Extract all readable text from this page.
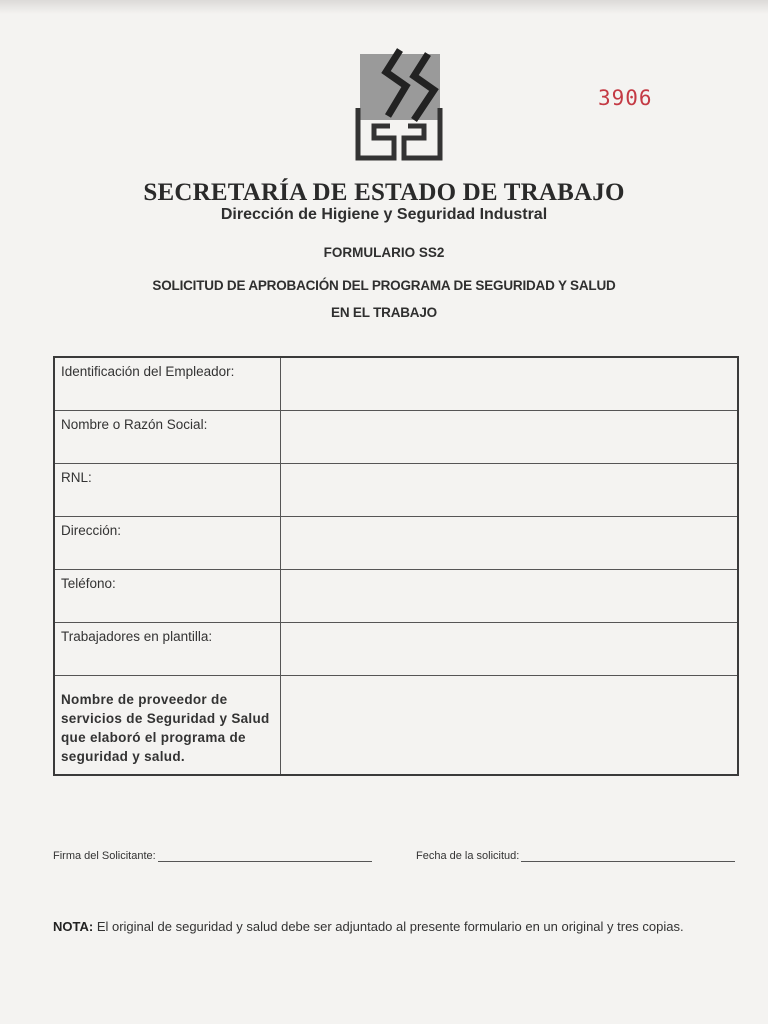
3906
SECRETARÍA DE ESTADO DE TRABAJO
Dirección de Higiene y Seguridad Industral
FORMULARIO SS2
SOLICITUD DE APROBACIÓN DEL PROGRAMA DE SEGURIDAD Y SALUD
EN EL TRABAJO
Identificación del Empleador:	
Nombre o Razón Social:	
RNL:	
Dirección:	
Teléfono:	
Trabajadores en plantilla:	
Nombre de proveedor de servicios de Seguridad y Salud que elaboró el programa de seguridad y salud.	
Firma del Solicitante:	Fecha de la solicitud:
NOTA: El original de seguridad y salud debe ser adjuntado al presente formulario en un original y tres copias.
